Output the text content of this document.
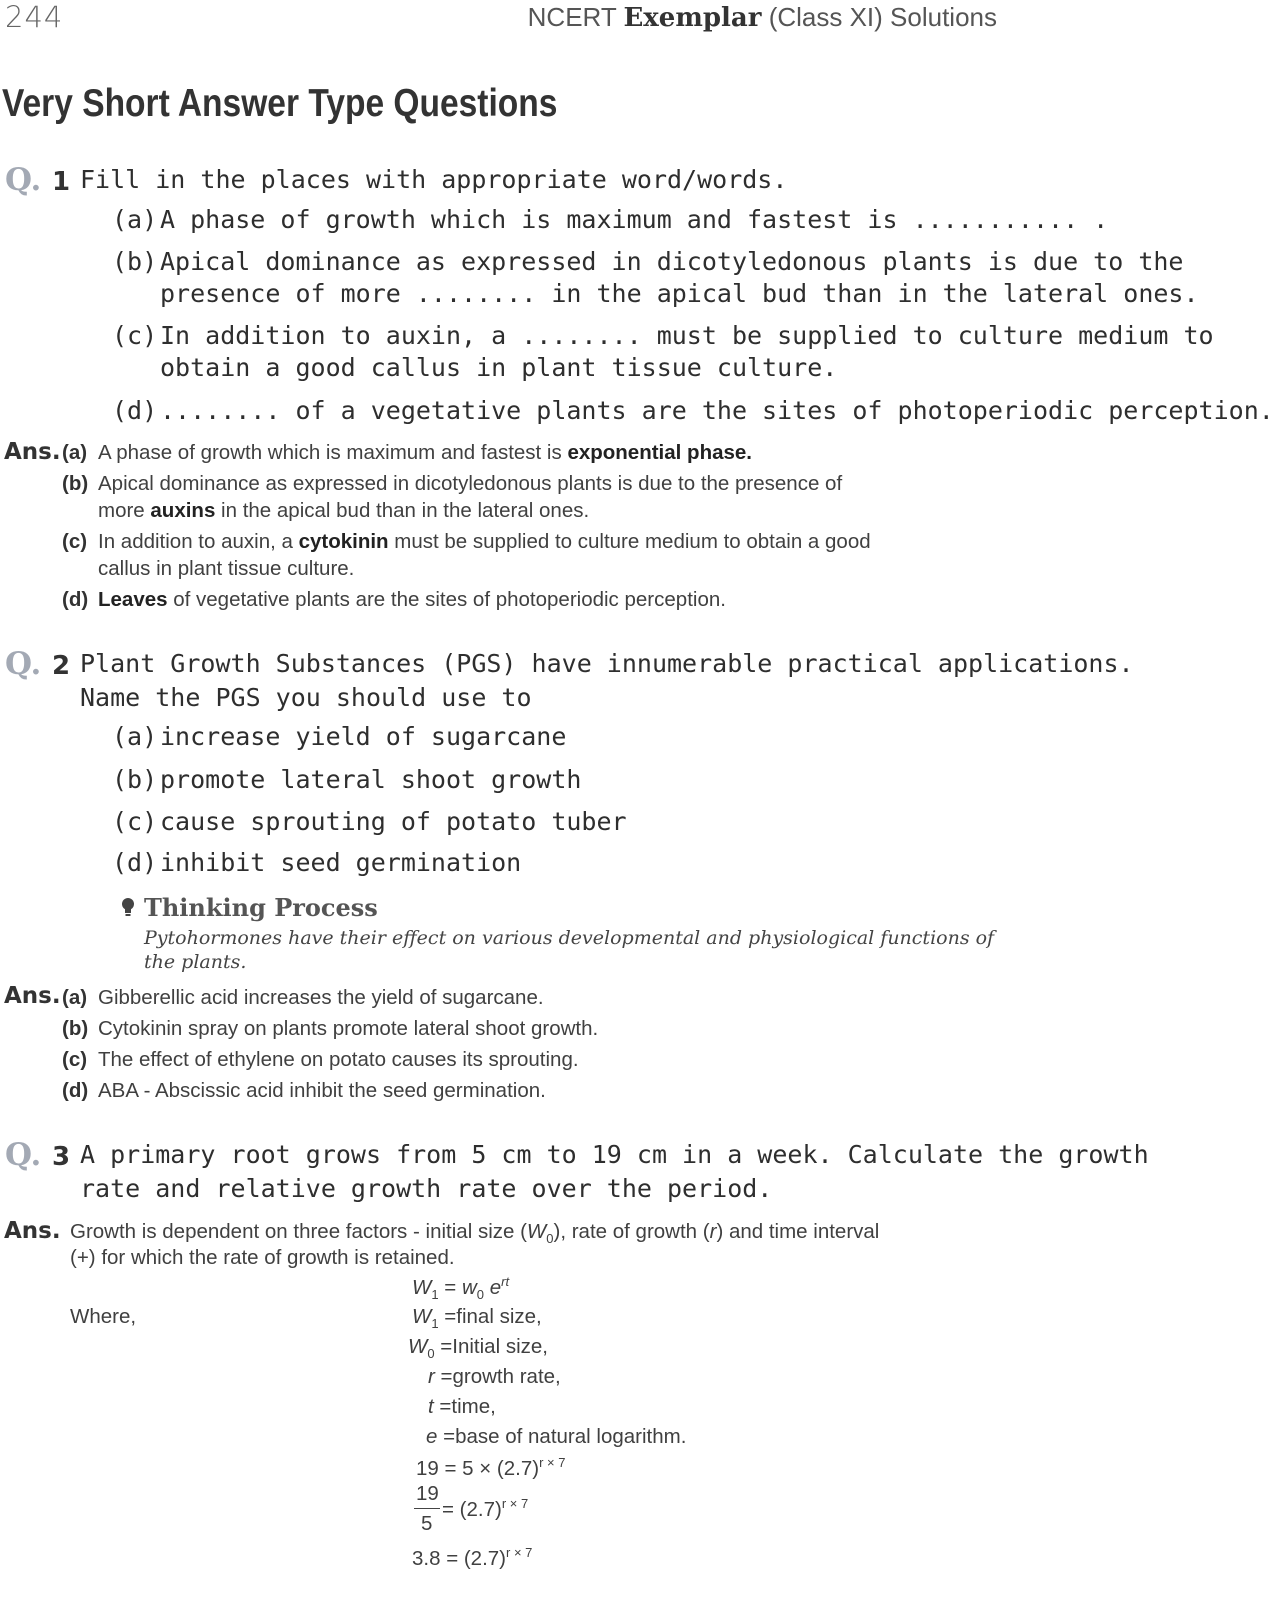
244	NCERT Exemplar (Class XI) Solutions
Very Short Answer Type Questions
Q. 1 Fill in the places with appropriate word/words.
(a) A phase of growth which is maximum and fastest is ........... .
(b) Apical dominance as expressed in dicotyledonous plants is due to the
presence of more ........ in the apical bud than in the lateral ones.
(c) In addition to auxin, a ........ must be supplied to culture medium to
obtain a good callus in plant tissue culture.
(d) ........ of a vegetative plants are the sites of photoperiodic perception.
Ans. (a) A phase of growth which is maximum and fastest is exponential phase.
(b) Apical dominance as expressed in dicotyledonous plants is due to the presence of
more auxins in the apical bud than in the lateral ones.
(c) In addition to auxin, a cytokinin must be supplied to culture medium to obtain a good
callus in plant tissue culture.
(d) Leaves of vegetative plants are the sites of photoperiodic perception.
Q. 2 Plant Growth Substances (PGS) have innumerable practical applications.
Name the PGS you should use to
(a) increase yield of sugarcane
(b) promote lateral shoot growth
(c) cause sprouting of potato tuber
(d) inhibit seed germination
Thinking Process
Pytohormones have their effect on various developmental and physiological functions of
the plants.
Ans. (a) Gibberellic acid increases the yield of sugarcane.
(b) Cytokinin spray on plants promote lateral shoot growth.
(c) The effect of ethylene on potato causes its sprouting.
(d) ABA - Abscissic acid inhibit the seed germination.
Q. 3 A primary root grows from 5 cm to 19 cm in a week. Calculate the growth
rate and relative growth rate over the period.
Ans. Growth is dependent on three factors - initial size $(W_0)$, rate of growth (r) and time interval
(+) for which the rate of growth is retained.
$W_1 = w_0$ $e^{rt}$
Where,	$W_1$ =final size,
$W_0$ =Initial size,
r =growth rate,
t =time,
e =base of natural logarithm.
$19 = 5 \times (2.7)^{r \times 7}$
19
5
= $(2.7)^{r \times 7}$
$3.8 = (2.7)^{r \times 7}$
